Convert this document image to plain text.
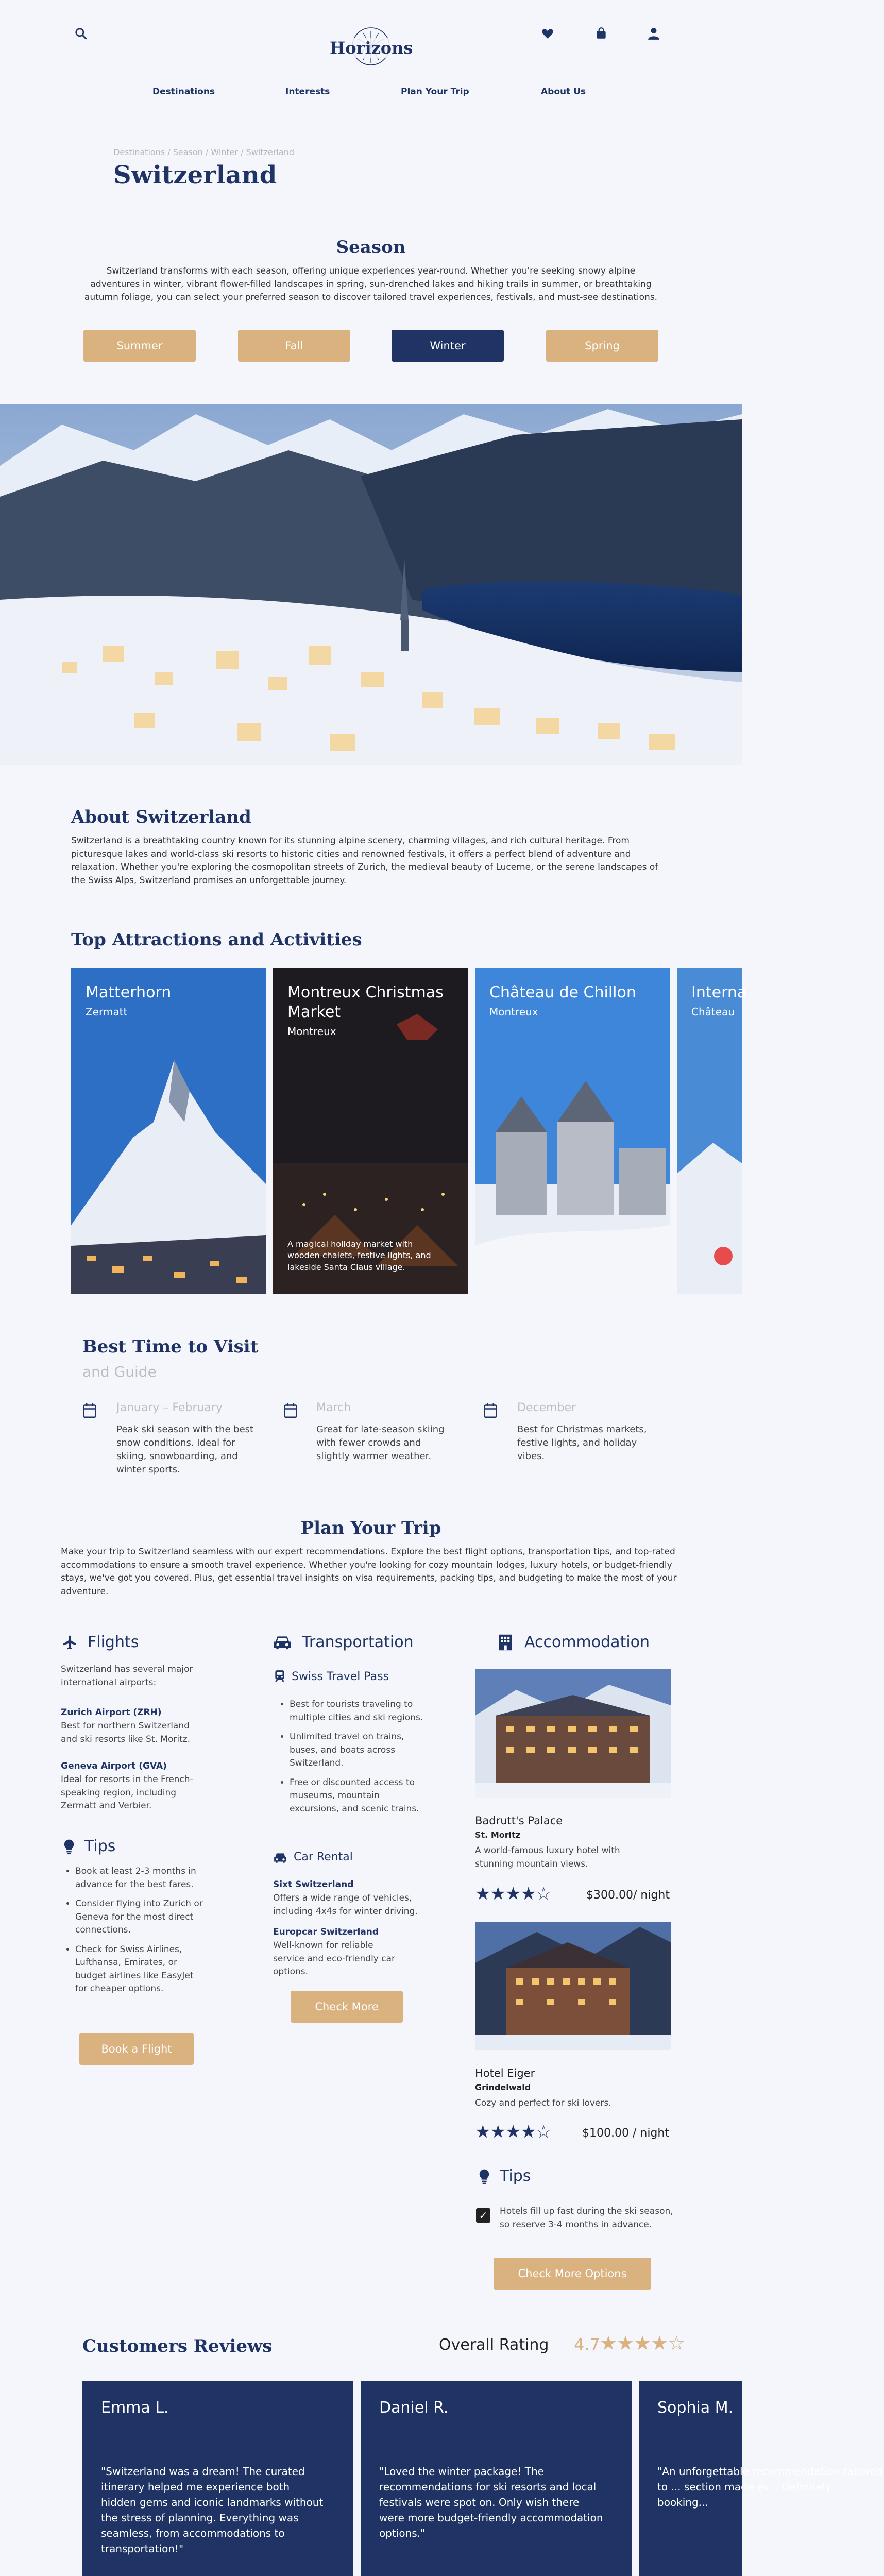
Horizons
Destinations	Interests	Plan Your Trip	About Us
Destinations / Season / Winter / Switzerland
Switzerland
Season
Switzerland transforms with each season, offering unique experiences year-round. Whether you're seeking snowy alpine adventures in winter, vibrant flower-filled landscapes in spring, sun-drenched lakes and hiking trails in summer, or breathtaking autumn foliage, you can select your preferred season to discover tailored travel experiences, festivals, and must-see destinations.
Summer	Fall	Winter	Spring
About Switzerland
Switzerland is a breathtaking country known for its stunning alpine scenery, charming villages, and rich cultural heritage. From picturesque lakes and world-class ski resorts to historic cities and renowned festivals, it offers a perfect blend of adventure and relaxation. Whether you're exploring the cosmopolitan streets of Zurich, the medieval beauty of Lucerne, or the serene landscapes of the Swiss Alps, Switzerland promises an unforgettable journey.
Top Attractions and Activities
Matterhorn
Zermatt
Montreux Christmas Market
Montreux
A magical holiday market with wooden chalets, festive lights, and lakeside Santa Claus village.
Château de Chillon
Montreux
Interna
Château
Best Time to Visit
and Guide
January – February
Peak ski season with the best snow conditions. Ideal for skiing, snowboarding, and winter sports.
March
Great for late-season skiing with fewer crowds and slightly warmer weather.
December
Best for Christmas markets, festive lights, and holiday vibes.
Plan Your Trip
Make your trip to Switzerland seamless with our expert recommendations. Explore the best flight options, transportation tips, and top-rated accommodations to ensure a smooth travel experience. Whether you're looking for cozy mountain lodges, luxury hotels, or budget-friendly stays, we've got you covered. Plus, get essential travel insights on visa requirements, packing tips, and budgeting to make the most of your adventure.
Flights
Switzerland has several major international airports:
Zurich Airport (ZRH)
Best for northern Switzerland and ski resorts like St. Moritz.
Geneva Airport (GVA)
Ideal for resorts in the French-speaking region, including Zermatt and Verbier.
Tips
• Book at least 2-3 months in advance for the best fares.
• Consider flying into Zurich or Geneva for the most direct connections.
• Check for Swiss Airlines, Lufthansa, Emirates, or budget airlines like EasyJet for cheaper options.
Book a Flight
Transportation
Swiss Travel Pass
• Best for tourists traveling to multiple cities and ski regions.
• Unlimited travel on trains, buses, and boats across Switzerland.
• Free or discounted access to museums, mountain excursions, and scenic trains.
Car Rental
Sixt Switzerland
Offers a wide range of vehicles, including 4x4s for winter driving.
Europcar Switzerland
Well-known for reliable service and eco-friendly car options.
Check More
Accommodation
Badrutt's Palace
St. Moritz
A world-famous luxury hotel with stunning mountain views.
★★★★☆	$300.00/ night
Hotel Eiger
Grindelwald
Cozy and perfect for ski lovers.
★★★★☆	$100.00 / night
Tips
✓	Hotels fill up fast during the ski season, so reserve 3-4 months in advance.
Check More Options
Customers Reviews	Overall Rating 4.7 ★★★★☆
Emma L.
"Switzerland was a dream! The curated itinerary helped me experience both hidden gems and iconic landmarks without the stress of planning. Everything was seamless, from accommodations to transportation!"
Daniel R.
"Loved the winter package! The recommendations for ski resorts and local festivals were spot on. Only wish there were more budget-friendly accommodation options."
Sophia M.
"An unforgettable recommendation tailored to ... section made ev... Definitely booking...
